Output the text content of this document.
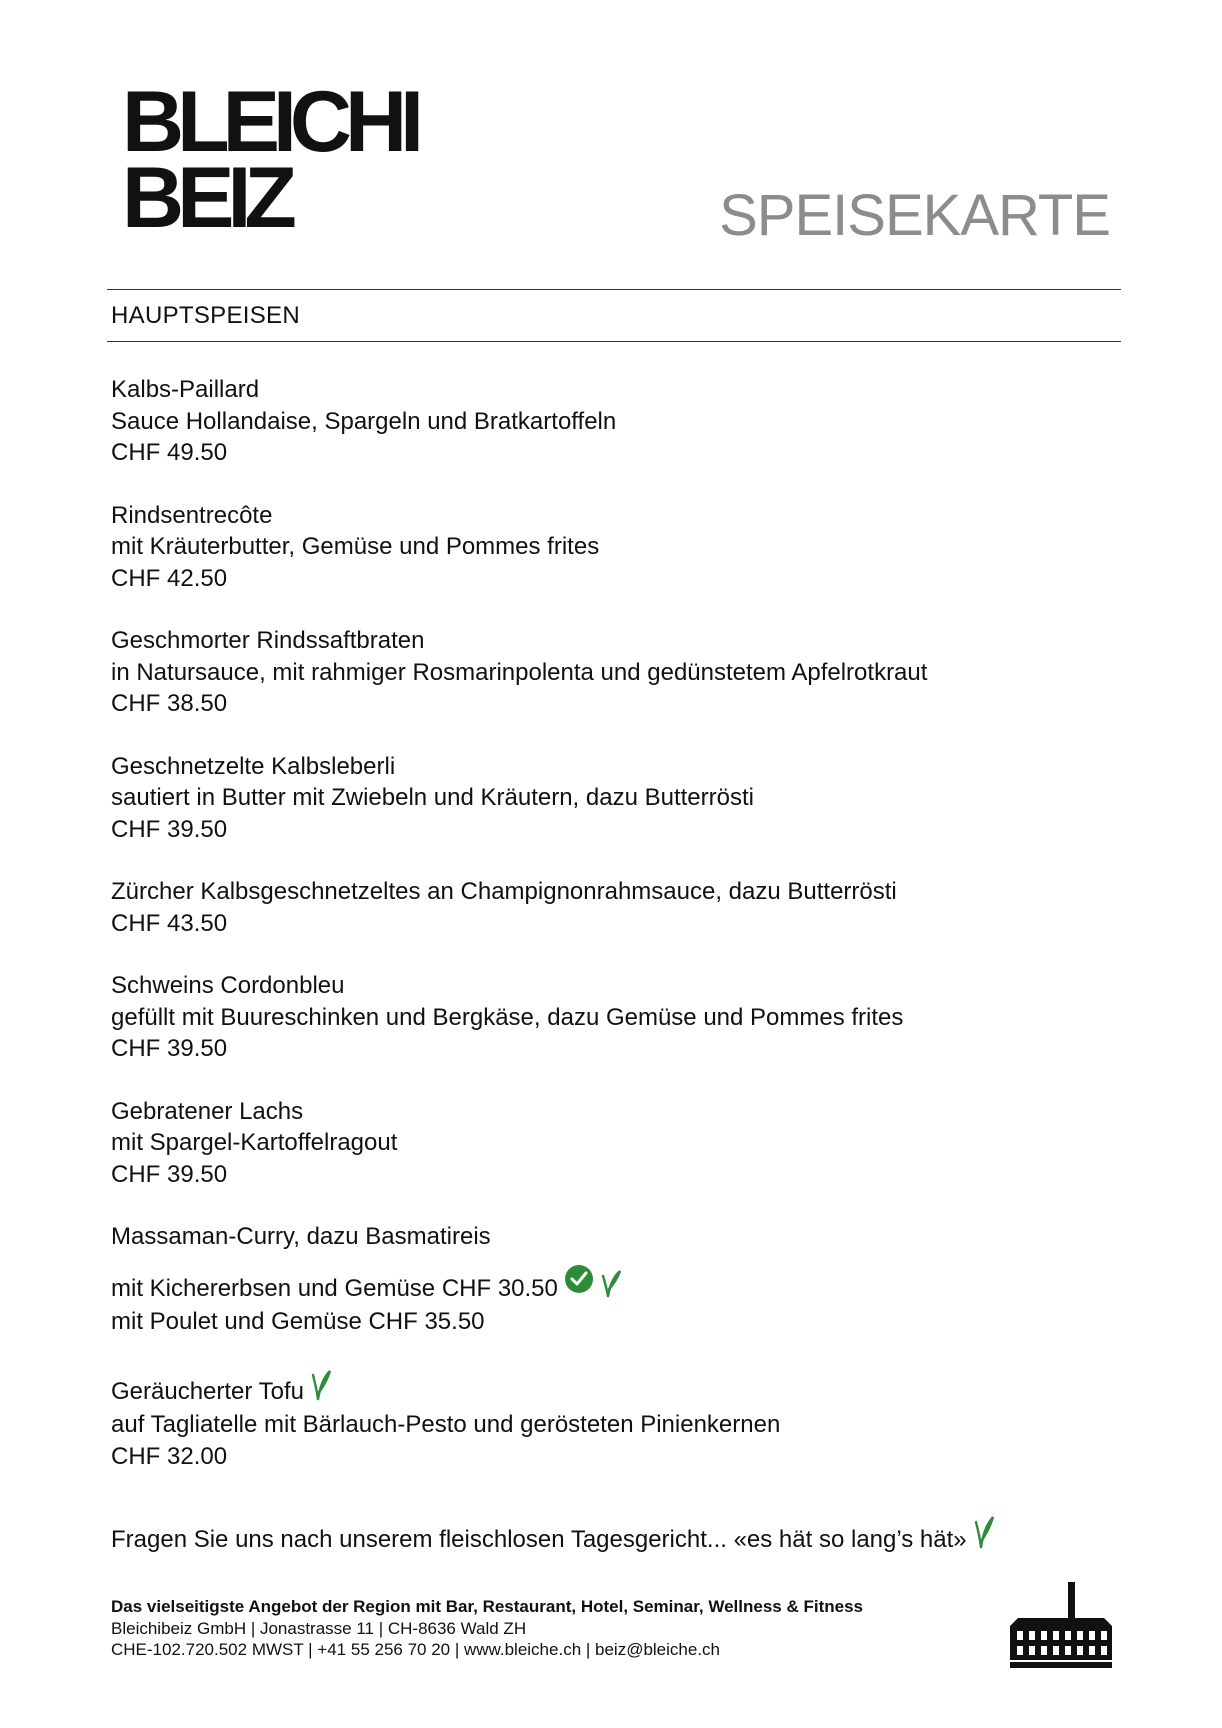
BLEICHI
BEIZ	SPEISEKARTE
HAUPTSPEISEN
Kalbs-Paillard
Sauce Hollandaise, Spargeln und Bratkartoffeln
CHF 49.50
Rindsentrecôte
mit Kräuterbutter, Gemüse und Pommes frites
CHF 42.50
Geschmorter Rindssaftbraten
in Natursauce, mit rahmiger Rosmarinpolenta und gedünstetem Apfelrotkraut
CHF 38.50
Geschnetzelte Kalbsleberli
sautiert in Butter mit Zwiebeln und Kräutern, dazu Butterrösti
CHF 39.50
Zürcher Kalbsgeschnetzeltes an Champignonrahmsauce, dazu Butterrösti
CHF 43.50
Schweins Cordonbleu
gefüllt mit Buureschinken und Bergkäse, dazu Gemüse und Pommes frites
CHF 39.50
Gebratener Lachs
mit Spargel-Kartoffelragout
CHF 39.50
Massaman-Curry, dazu Basmatireis
mit Kichererbsen und Gemüse CHF 30.50
mit Poulet und Gemüse CHF 35.50
Geräucherter Tofu
auf Tagliatelle mit Bärlauch-Pesto und gerösteten Pinienkernen
CHF 32.00
Fragen Sie uns nach unserem fleischlosen Tagesgericht... «es hät so lang’s hät»
Das vielseitigste Angebot der Region mit Bar, Restaurant, Hotel, Seminar, Wellness & Fitness
Bleichibeiz GmbH | Jonastrasse 11 | CH-8636 Wald ZH
CHE-102.720.502 MWST | +41 55 256 70 20 | www.bleiche.ch | beiz@bleiche.ch
